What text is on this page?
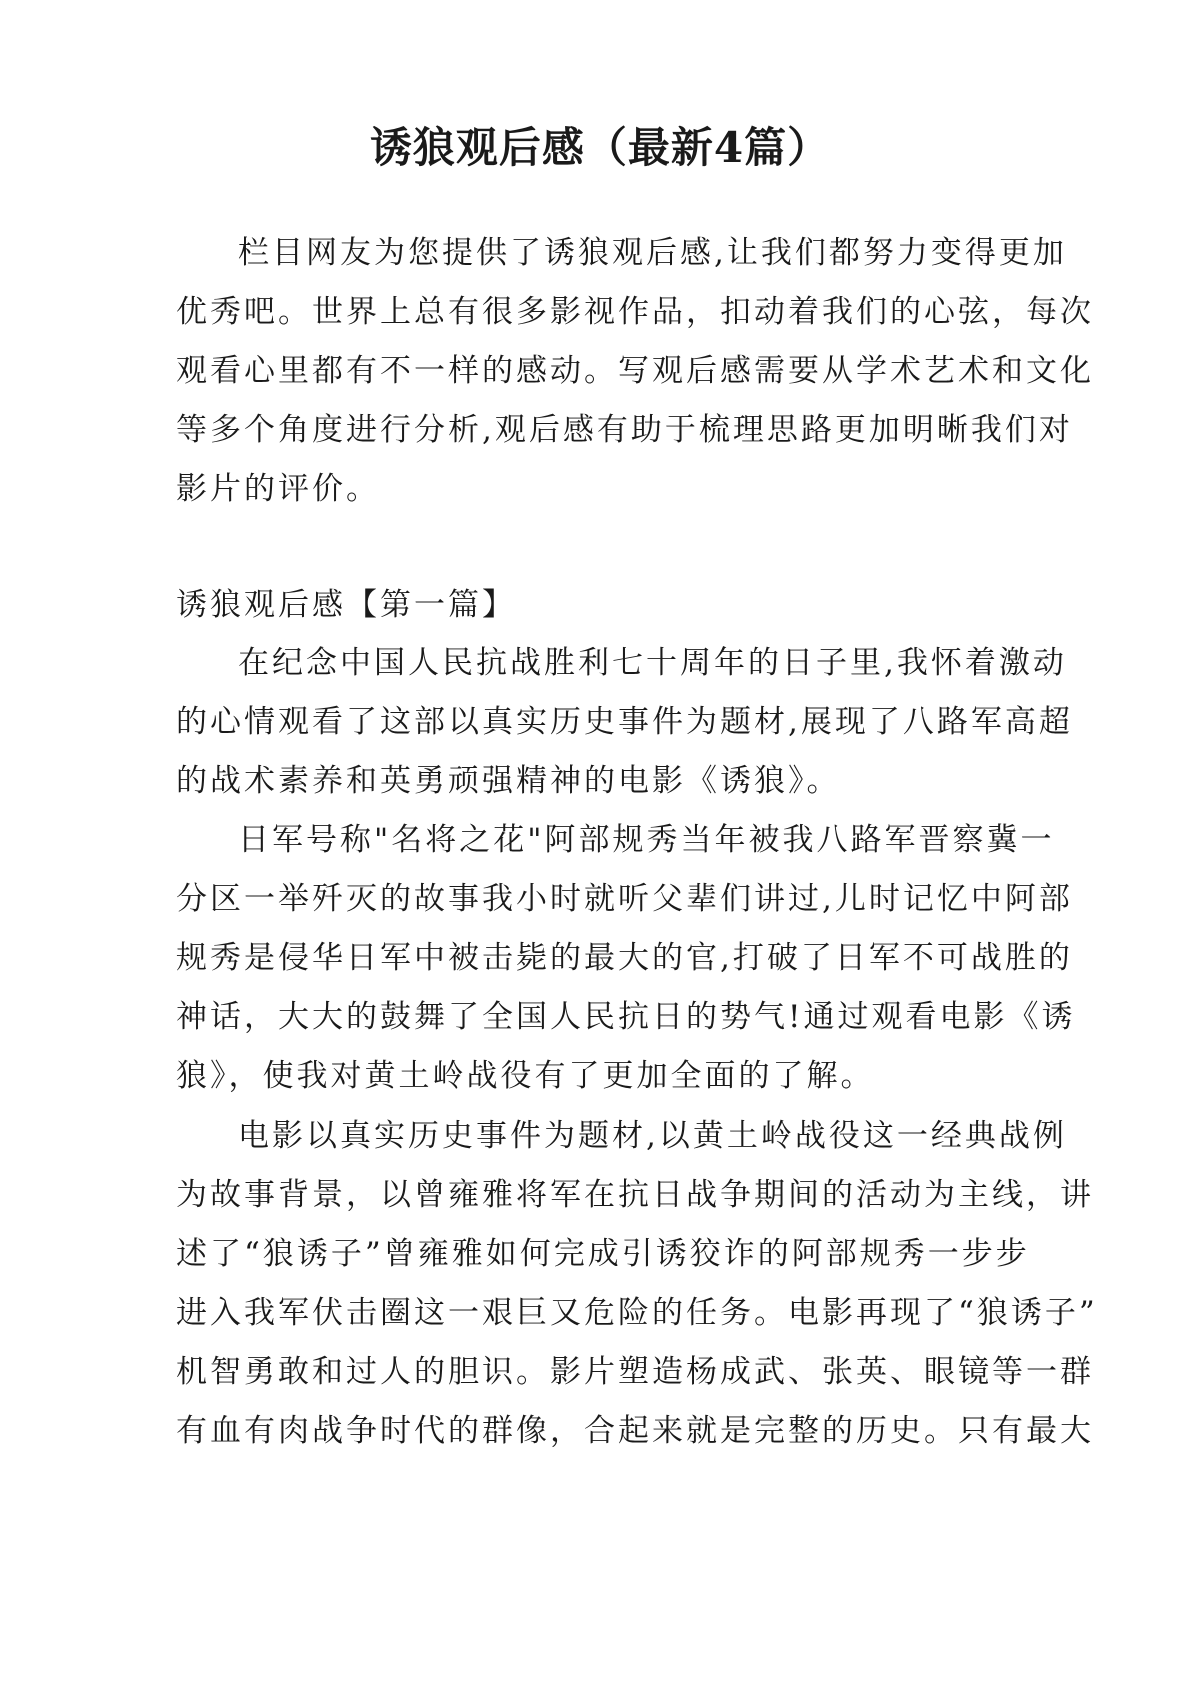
诱狼观后感（最新4篇）

栏目网友为您提供了诱狼观后感,让我们都努力变得更加

优秀吧。世界上总有很多影视作品，扣动着我们的心弦，每次

观看心里都有不一样的感动。写观后感需要从学术艺术和文化

等多个角度进行分析,观后感有助于梳理思路更加明晰我们对

影片的评价。

诱狼观后感【第一篇】

在纪念中国人民抗战胜利七十周年的日子里,我怀着激动

的心情观看了这部以真实历史事件为题材,展现了八路军高超

的战术素养和英勇顽强精神的电影《诱狼》。

日军号称"名将之花"阿部规秀当年被我八路军晋察冀一

分区一举歼灭的故事我小时就听父辈们讲过,儿时记忆中阿部

规秀是侵华日军中被击毙的最大的官,打破了日军不可战胜的

神话，大大的鼓舞了全国人民抗日的势气!通过观看电影《诱

狼》，使我对黄土岭战役有了更加全面的了解。

电影以真实历史事件为题材,以黄土岭战役这一经典战例

为故事背景，以曾雍雅将军在抗日战争期间的活动为主线，讲

述了“狼诱子”曾雍雅如何完成引诱狡诈的阿部规秀一步步

进入我军伏击圈这一艰巨又危险的任务。电影再现了“狼诱子”

机智勇敢和过人的胆识。影片塑造杨成武、张英、眼镜等一群

有血有肉战争时代的群像，合起来就是完整的历史。只有最大
